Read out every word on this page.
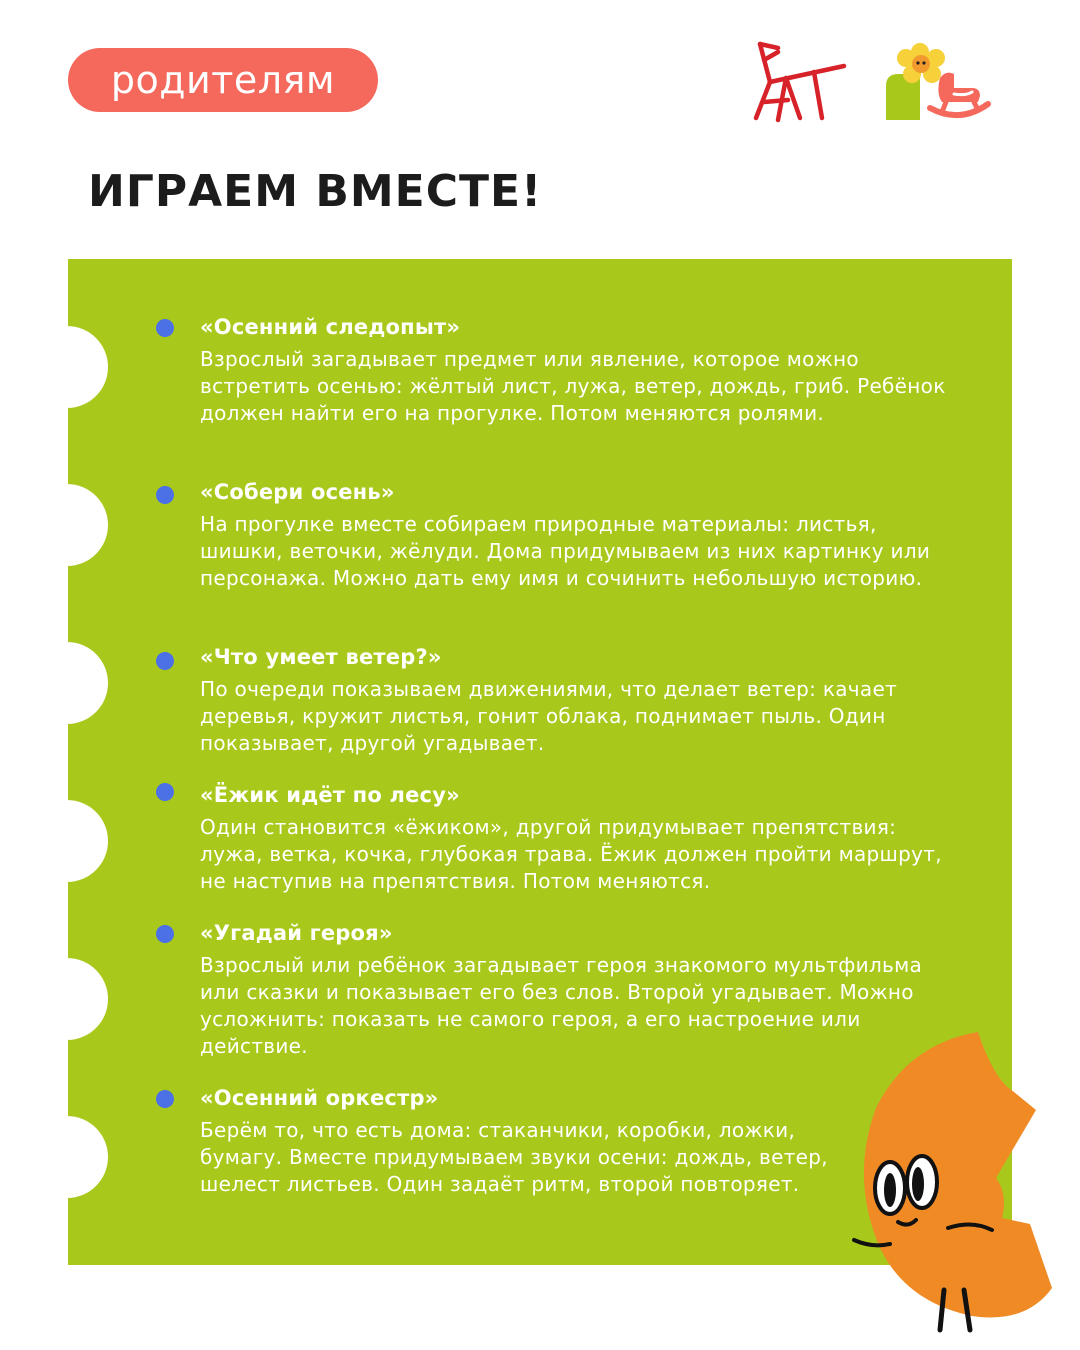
родителям
ИГРАЕМ ВМЕСТЕ!
«Осенний следопыт»
Взрослый загадывает предмет или явление, которое можно встретить осенью: жёлтый лист, лужа, ветер, дождь, гриб. Ребёнок должен найти его на прогулке. Потом меняются ролями.
«Собери осень»
На прогулке вместе собираем природные материалы: листья, шишки, веточки, жёлуди. Дома придумываем из них картинку или персонажа. Можно дать ему имя и сочинить небольшую историю.
«Что умеет ветер?»
По очереди показываем движениями, что делает ветер: качает деревья, кружит листья, гонит облака, поднимает пыль. Один показывает, другой угадывает.
«Ёжик идёт по лесу»
Один становится «ёжиком», другой придумывает препятствия: лужа, ветка, кочка, глубокая трава. Ёжик должен пройти маршрут, не наступив на препятствия. Потом меняются.
«Угадай героя»
Взрослый или ребёнок загадывает героя знакомого мультфильма или сказки и показывает его без слов. Второй угадывает. Можно усложнить: показать не самого героя, а его настроение или действие.
«Осенний оркестр»
Берём то, что есть дома: стаканчики, коробки, ложки, бумагу. Вместе придумываем звуки осени: дождь, ветер, шелест листьев. Один задаёт ритм, второй повторяет.
